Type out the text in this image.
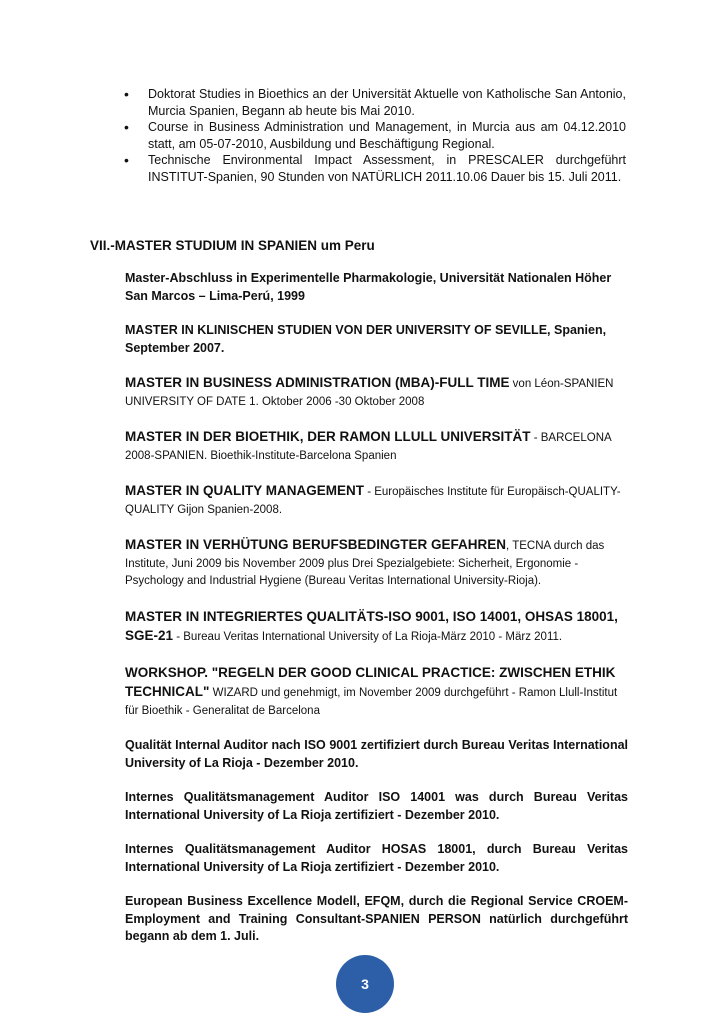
• Doktorat Studies in Bioethics an der Universität Aktuelle von Katholische San Antonio, Murcia Spanien, Begann ab heute bis Mai 2010.
• Course in Business Administration und Management, in Murcia aus am 04.12.2010 statt, am 05-07-2010, Ausbildung und Beschäftigung Regional.
• Technische Environmental Impact Assessment, in PRESCALER durchgeführt INSTITUT-Spanien, 90 Stunden von NATÜRLICH 2011.10.06 Dauer bis 15. Juli 2011.
VII.-MASTER STUDIUM IN SPANIEN um Peru

Master-Abschluss in Experimentelle Pharmakologie, Universität Nationalen Höher San Marcos – Lima-Perú, 1999

MASTER IN KLINISCHEN STUDIEN VON DER UNIVERSITY OF SEVILLE, Spanien, September 2007.

MASTER IN BUSINESS ADMINISTRATION (MBA)-FULL TIME von Léon-SPANIEN UNIVERSITY OF DATE 1. Oktober 2006 -30 Oktober 2008

MASTER IN DER BIOETHIK, DER RAMON LLULL UNIVERSITÄT - BARCELONA 2008-SPANIEN. Bioethik-Institute-Barcelona Spanien

MASTER IN QUALITY MANAGEMENT - Europäisches Institute für Europäisch-QUALITY-QUALITY Gijon Spanien-2008.

MASTER IN VERHÜTUNG BERUFSBEDINGTER GEFAHREN, TECNA durch das Institute, Juni 2009 bis November 2009 plus Drei Spezialgebiete: Sicherheit, Ergonomie - Psychology and Industrial Hygiene (Bureau Veritas International University-Rioja).

MASTER IN INTEGRIERTES QUALITÄTS-ISO 9001, ISO 14001, OHSAS 18001, SGE-21 - Bureau Veritas International University of La Rioja-März 2010 - März 2011.

WORKSHOP. "REGELN DER GOOD CLINICAL PRACTICE: ZWISCHEN ETHIK TECHNICAL" WIZARD und genehmigt, im November 2009 durchgeführt - Ramon Llull-Institut für Bioethik - Generalitat de Barcelona

Qualität Internal Auditor nach ISO 9001 zertifiziert durch Bureau Veritas International University of La Rioja - Dezember 2010.

Internes Qualitätsmanagement Auditor ISO 14001 was durch Bureau Veritas International University of La Rioja zertifiziert - Dezember 2010.

Internes Qualitätsmanagement Auditor HOSAS 18001, durch Bureau Veritas International University of La Rioja zertifiziert - Dezember 2010.

European Business Excellence Modell, EFQM, durch die Regional Service CROEM-Employment and Training Consultant-SPANIEN PERSON natürlich durchgeführt begann ab dem 1. Juli.

3
